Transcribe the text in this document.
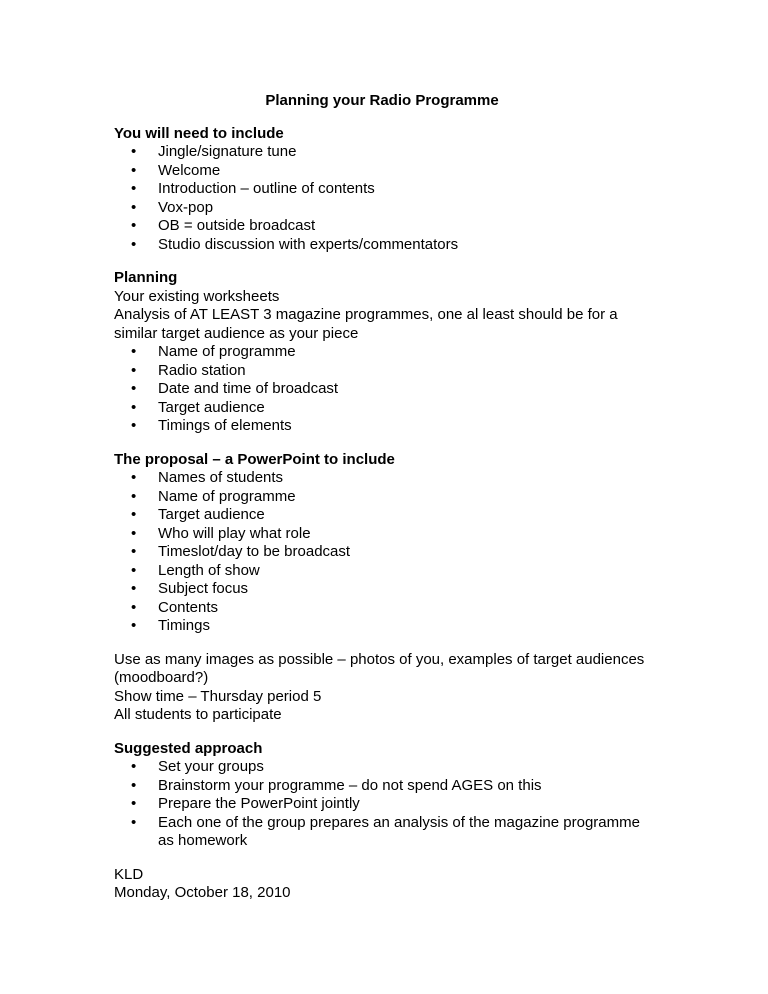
Planning your Radio Programme

You will need to include

• Jingle/signature tune
• Welcome
• Introduction – outline of contents
• Vox-pop
• OB = outside broadcast
• Studio discussion with experts/commentators

Planning

Your existing worksheets

Analysis of AT LEAST 3 magazine programmes, one al least should be for a similar target audience as your piece

• Name of programme
• Radio station
• Date and time of broadcast
• Target audience
• Timings of elements

The proposal – a PowerPoint to include

• Names of students
• Name of programme
• Target audience
• Who will play what role
• Timeslot/day to be broadcast
• Length of show
• Subject focus
• Contents
• Timings

Use as many images as possible – photos of you, examples of target audiences (moodboard?)

Show time – Thursday period 5

All students to participate

Suggested approach

• Set your groups
• Brainstorm your programme – do not spend AGES on this
• Prepare the PowerPoint jointly
• Each one of the group prepares an analysis of the magazine programme as homework

KLD

Monday, October 18, 2010
